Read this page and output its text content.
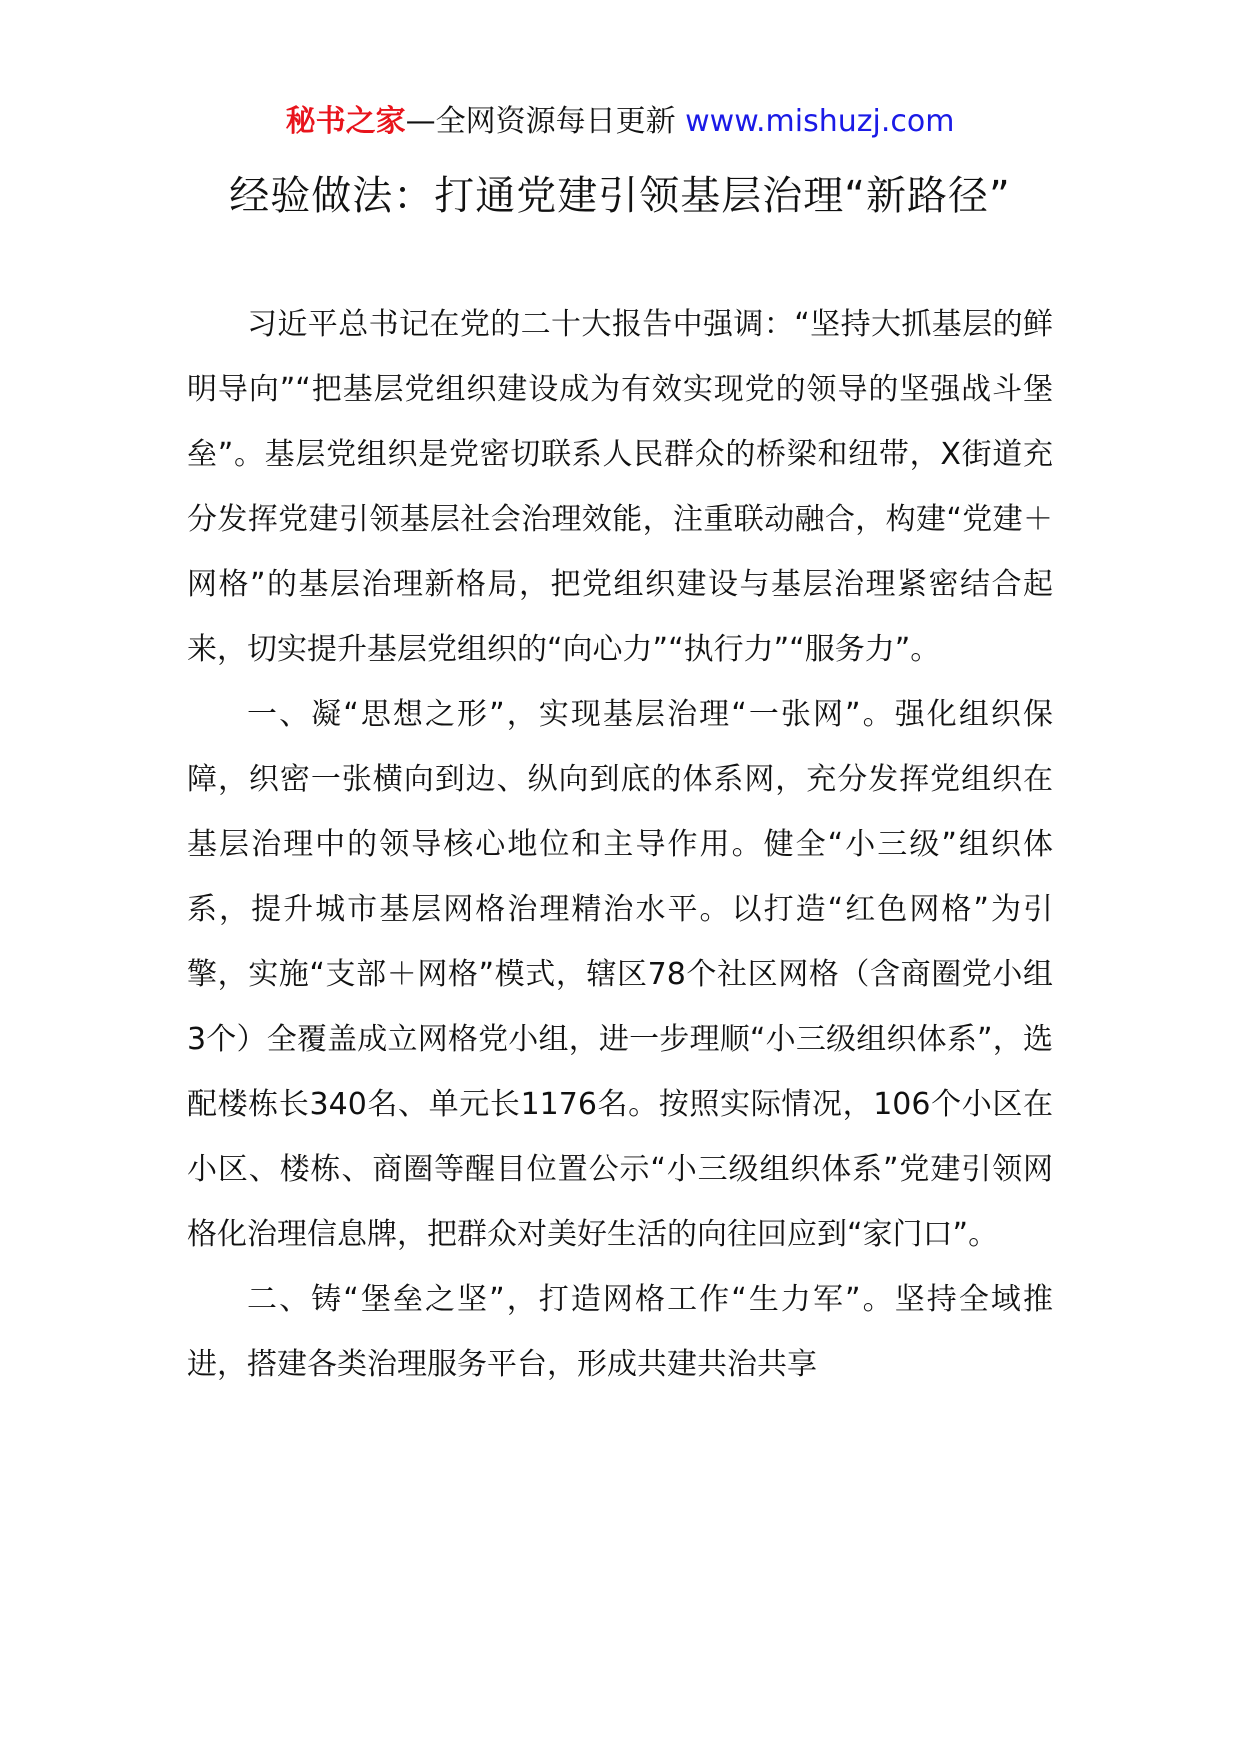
秘书之家—全网资源每日更新 www.mishuzj.com
经验做法：打通党建引领基层治理“新路径”

习近平总书记在党的二十大报告中强调：“坚持大抓基层的鲜明导向”“把基层党组织建设成为有效实现党的领导的坚强战斗堡垒”。基层党组织是党密切联系人民群众的桥梁和纽带，X街道充分发挥党建引领基层社会治理效能，注重联动融合，构建“党建＋网格”的基层治理新格局，把党组织建设与基层治理紧密结合起来，切实提升基层党组织的“向心力”“执行力”“服务力”。

一、凝“思想之形”，实现基层治理“一张网”。强化组织保障，织密一张横向到边、纵向到底的体系网，充分发挥党组织在基层治理中的领导核心地位和主导作用。健全“小三级”组织体系，提升城市基层网格治理精治水平。以打造“红色网格”为引擎，实施“支部＋网格”模式，辖区78个社区网格（含商圈党小组3个）全覆盖成立网格党小组，进一步理顺“小三级组织体系”，选配楼栋长340名、单元长1176名。按照实际情况，106个小区在小区、楼栋、商圈等醒目位置公示“小三级组织体系”党建引领网格化治理信息牌，把群众对美好生活的向往回应到“家门口”。

二、铸“堡垒之坚”，打造网格工作“生力军”。坚持全域推进，搭建各类治理服务平台，形成共建共治共享
